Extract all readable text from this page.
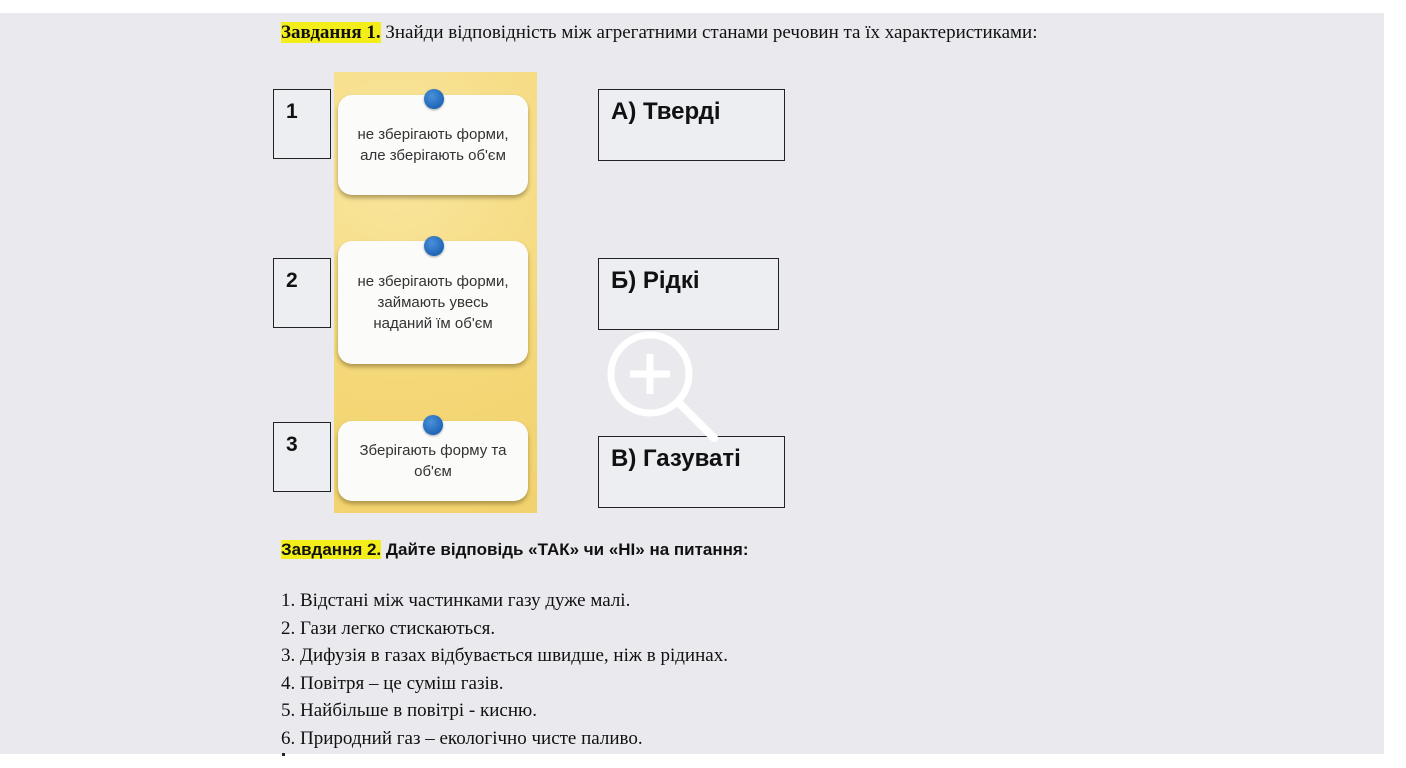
Завдання 1. Знайди відповідність між агрегатними станами речовин та їх характеристиками:
1
2
3
не зберігають форми, але зберігають об'єм
не зберігають форми, займають увесь наданий їм об'єм
Зберігають форму та об'єм
А) Тверді
Б) Рідкі
В) Газуваті
Завдання 2. Дайте відповідь «ТАК» чи «НІ» на питання:
1. Відстані між частинками газу дуже малі.
2. Гази легко стискаються.
3. Дифузія в газах відбувається швидше, ніж в рідинах.
4. Повітря – це суміш газів.
5. Найбільше в повітрі - кисню.
6. Природний газ – екологічно чисте паливо.
